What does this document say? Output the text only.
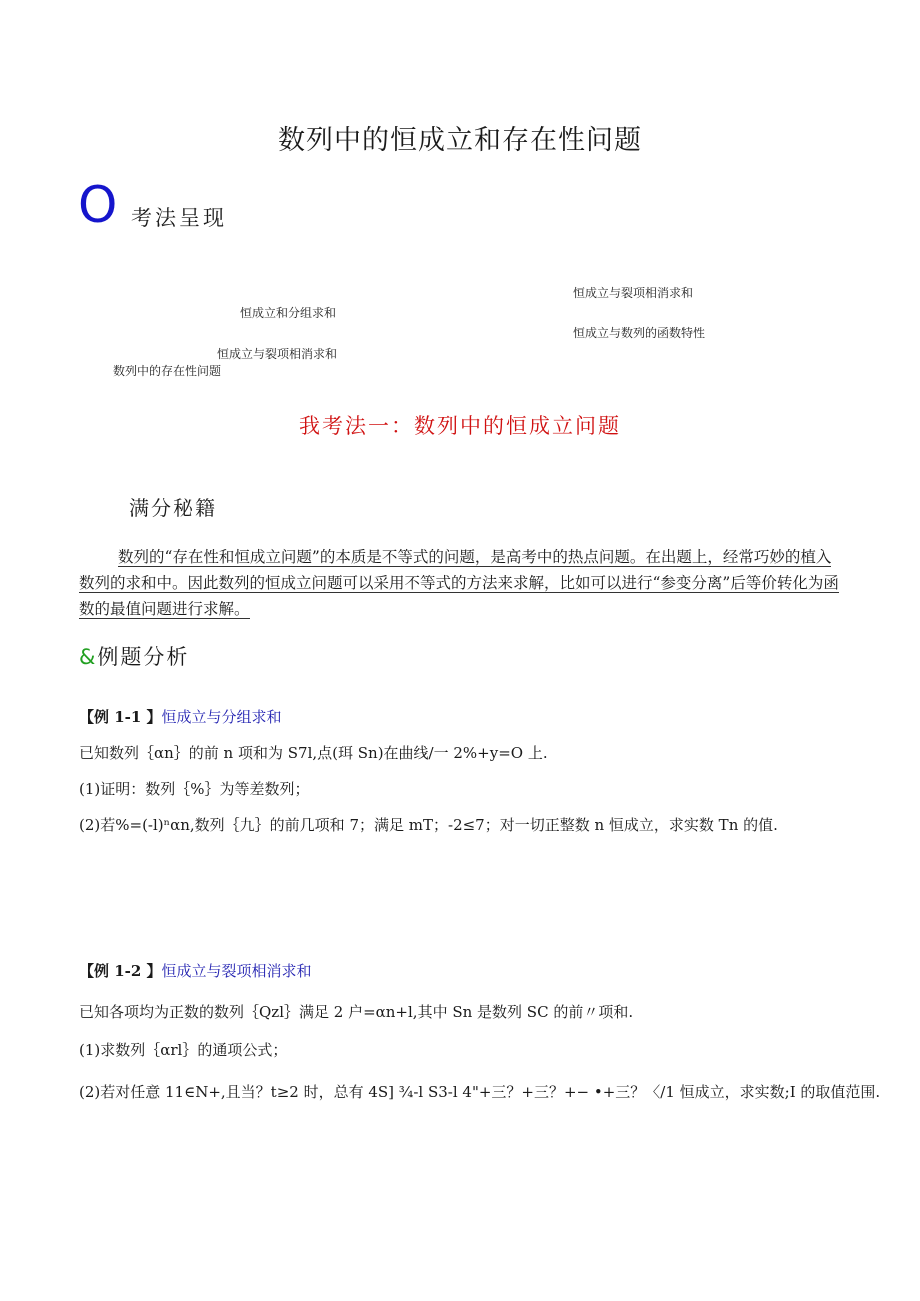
数列中的恒成立和存在性问题
O 考法呈现
恒成立与裂项相消求和
恒成立和分组求和
恒成立与数列的函数特性
恒成立与裂项相消求和
数列中的存在性问题
我考法一：数列中的恒成立问题
满分秘籍
数列的“存在性和恒成立问题”的本质是不等式的问题，是高考中的热点问题。在出题上，经常巧妙的植入数列的求和中。因此数列的恒成立问题可以采用不等式的方法来求解，比如可以进行“参变分离”后等价转化为函数的最值问题进行求解。
&例题分析
【例 1-1 】恒成立与分组求和
已知数列｛αn｝的前 n 项和为 S7l,点(珥 Sn)在曲线/一 2%+y=O 上.
(1)证明：数列｛%｝为等差数列；
(2)若%=(-l)ⁿαn,数列｛九｝的前几项和 7；满足 mT；-2≤7；对一切正整数 n 恒成立，求实数 Tn 的值.
【例 1-2 】恒成立与裂项相消求和
已知各项均为正数的数列｛Qzl｝满足 2 户=αn+l,其中 Sn 是数列 SC 的前〃项和.
(1)求数列｛αrl｝的通项公式；
(2)若对任意 11∈N+,且当？t≥2 时，总有 4S] ¾-l S3-l 4"+三？+三？+− •+三？〈/1 恒成立，求实数;I 的取值范围.
